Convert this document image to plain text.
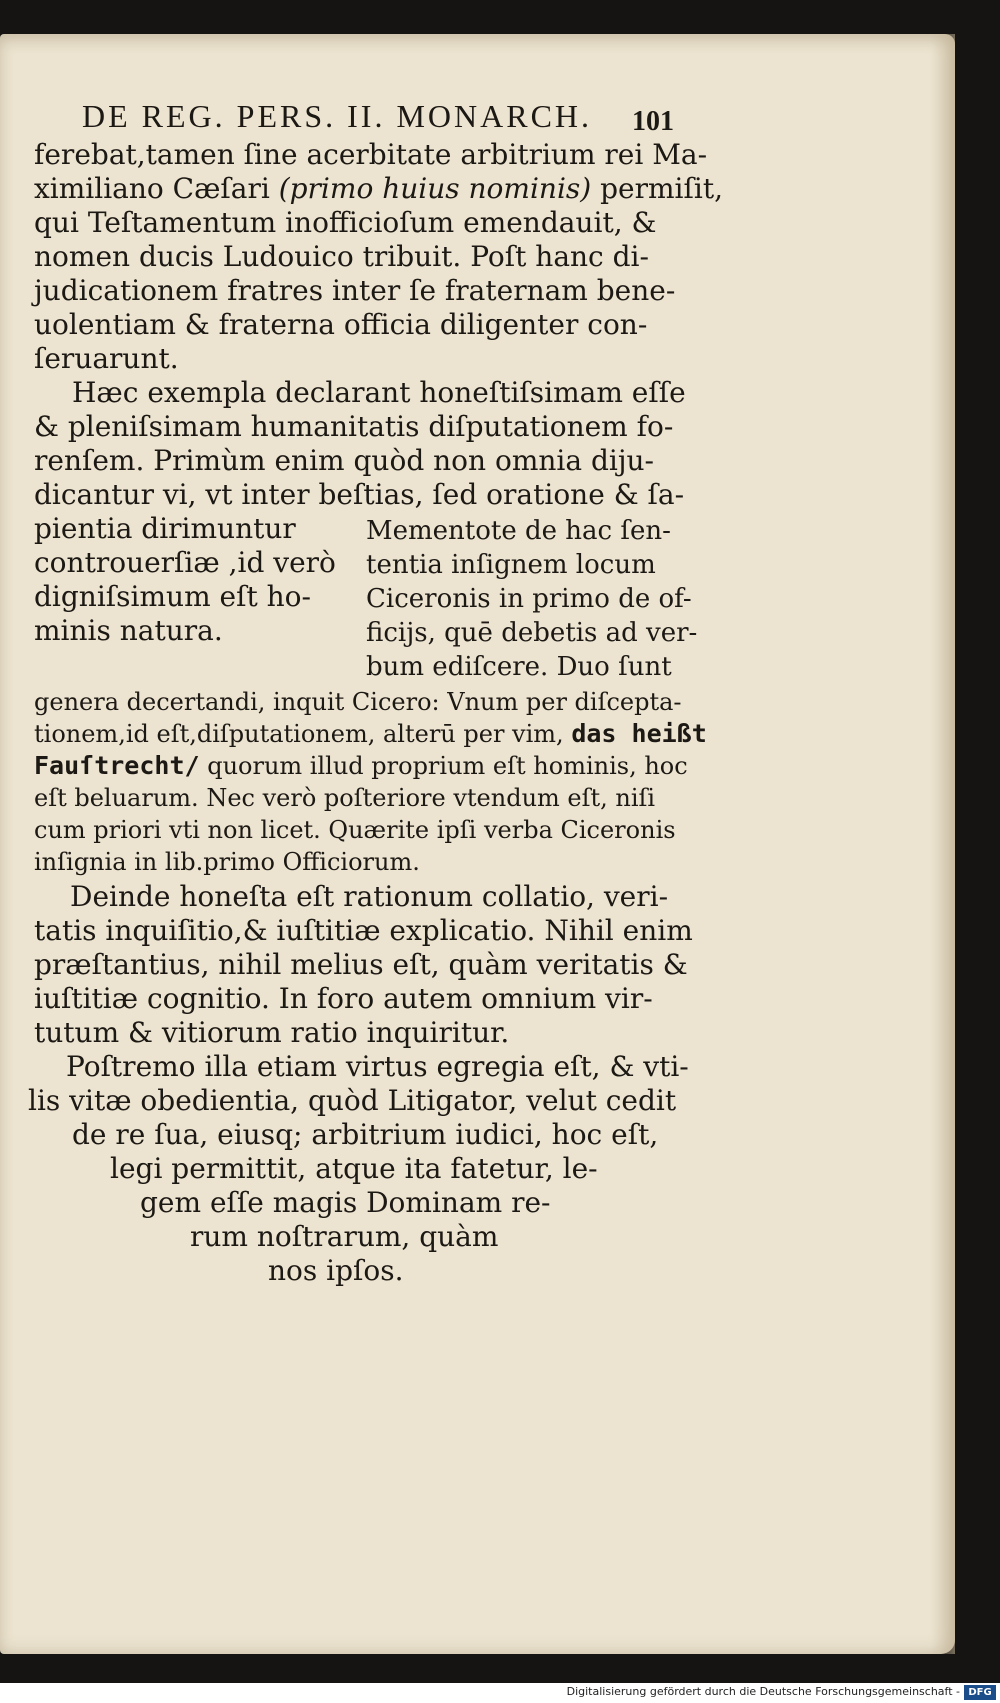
DE REG. PERS. II. MONARCH. 101

ferebat,tamen ſine acerbitate arbitrium rei Ma-

ximiliano Cæſari (primo huius nominis) permiſit,

qui Teſtamentum inofficioſum emendauit, &

nomen ducis Ludouico tribuit. Poſt hanc di-

judicationem fratres inter ſe fraternam bene-

uolentiam & fraterna officia diligenter con-

ſeruarunt.

Hæc exempla declarant honeſtiſsimam eſſe

& pleniſsimam humanitatis diſputationem fo-

renſem. Primùm enim quòd non omnia diju-

dicantur vi, vt inter beſtias, ſed oratione & ſa-

pientia dirimuntur

controuerſiæ ,id verò

digniſsimum eſt ho-

minis natura.

Mementote de hac ſen-

tentia inſignem locum

Ciceronis in primo de of-

ficijs, quē debetis ad ver-

bum ediſcere. Duo ſunt

genera decertandi, inquit Cicero: Vnum per diſcepta-

tionem,id eſt,diſputationem, alterū per vim, das heißt

Fauſtrecht/ quorum illud proprium eſt hominis, hoc

eſt beluarum. Nec verò poſteriore vtendum eſt, niſi

cum priori vti non licet. Quærite ipſi verba Ciceronis

inſignia in lib.primo Officiorum.

Deinde honeſta eſt rationum collatio, veri-

tatis inquiſitio,& iuſtitiæ explicatio. Nihil enim

præſtantius, nihil melius eſt, quàm veritatis &

iuſtitiæ cognitio. In foro autem omnium vir-

tutum & vitiorum ratio inquiritur.

Poſtremo illa etiam virtus egregia eſt, & vti-

lis vitæ obedientia, quòd Litigator, velut cedit

de re ſua, eiusq; arbitrium iudici, hoc eſt,

legi permittit, atque ita fatetur, le-

gem eſſe magis Dominam re-

rum noſtrarum, quàm

nos ipſos.

Digitalisierung gefördert durch die Deutsche Forschungsgemeinschaft - DFG
